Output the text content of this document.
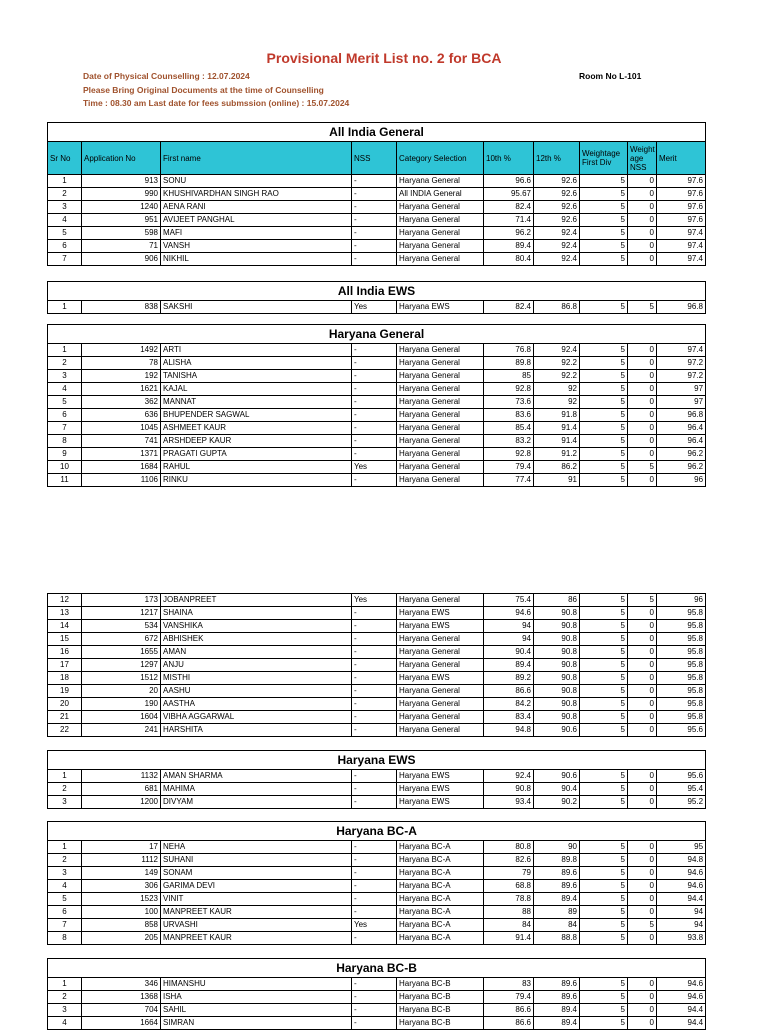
Provisional Merit List no. 2 for BCA
Date of Physical Counselling : 12.07.2024
Please Bring Original Documents at the time of Counselling
Time : 08.30 am Last date for fees submssion (online) : 15.07.2024
Room No L-101
All India General									
Sr No	Application No	First name	NSS	Category Selection	10th %	12th %	Weightage First Div	Weight age NSS	Merit
1	913	SONU	-	Haryana General	96.6	92.6	5	0	97.6
2	990	KHUSHIVARDHAN SINGH RAO	-	All INDIA General	95.67	92.6	5	0	97.6
3	1240	AENA RANI	-	Haryana General	82.4	92.6	5	0	97.6
4	951	AVIJEET PANGHAL	-	Haryana General	71.4	92.6	5	0	97.6
5	598	MAFI	-	Haryana General	96.2	92.4	5	0	97.4
6	71	VANSH	-	Haryana General	89.4	92.4	5	0	97.4
7	906	NIKHIL	-	Haryana General	80.4	92.4	5	0	97.4
All India EWS
1	838	SAKSHI	Yes	Haryana EWS	82.4	86.8	5	5	96.8
Haryana General									
1	1492	ARTI	-	Haryana General	76.8	92.4	5	0	97.4
2	78	ALISHA	-	Haryana General	89.8	92.2	5	0	97.2
3	192	TANISHA	-	Haryana General	85	92.2	5	0	97.2
4	1621	KAJAL	-	Haryana General	92.8	92	5	0	97
5	362	MANNAT	-	Haryana General	73.6	92	5	0	97
6	636	BHUPENDER SAGWAL	-	Haryana General	83.6	91.8	5	0	96.8
7	1045	ASHMEET KAUR	-	Haryana General	85.4	91.4	5	0	96.4
8	741	ARSHDEEP KAUR	-	Haryana General	83.2	91.4	5	0	96.4
9	1371	PRAGATI GUPTA	-	Haryana General	92.8	91.2	5	0	96.2
10	1684	RAHUL	Yes	Haryana General	79.4	86.2	5	5	96.2
11	1106	RINKU	-	Haryana General	77.4	91	5	0	96
12	173	JOBANPREET	Yes	Haryana General	75.4	86	5	5	96
13	1217	SHAINA	-	Haryana EWS	94.6	90.8	5	0	95.8
14	534	VANSHIKA	-	Haryana EWS	94	90.8	5	0	95.8
15	672	ABHISHEK	-	Haryana General	94	90.8	5	0	95.8
16	1655	AMAN	-	Haryana General	90.4	90.8	5	0	95.8
17	1297	ANJU	-	Haryana General	89.4	90.8	5	0	95.8
18	1512	MISTHI	-	Haryana EWS	89.2	90.8	5	0	95.8
19	20	AASHU	-	Haryana General	86.6	90.8	5	0	95.8
20	190	AASTHA	-	Haryana General	84.2	90.8	5	0	95.8
21	1604	VIBHA AGGARWAL	-	Haryana General	83.4	90.8	5	0	95.8
22	241	HARSHITA	-	Haryana General	94.8	90.6	5	0	95.6
Haryana EWS									
1	1132	AMAN SHARMA	-	Haryana EWS	92.4	90.6	5	0	95.6
2	681	MAHIMA	-	Haryana EWS	90.8	90.4	5	0	95.4
3	1200	DIVYAM	-	Haryana EWS	93.4	90.2	5	0	95.2
Haryana BC-A									
1	17	NEHA	-	Haryana BC-A	80.8	90	5	0	95
2	1112	SUHANI	-	Haryana BC-A	82.6	89.8	5	0	94.8
3	149	SONAM	-	Haryana BC-A	79	89.6	5	0	94.6
4	306	GARIMA DEVI	-	Haryana BC-A	68.8	89.6	5	0	94.6
5	1523	VINIT	-	Haryana BC-A	78.8	89.4	5	0	94.4
6	100	MANPREET KAUR	-	Haryana BC-A	88	89	5	0	94
7	858	URVASHI	Yes	Haryana BC-A	84	84	5	5	94
8	205	MANPREET KAUR	-	Haryana BC-A	91.4	88.8	5	0	93.8
Haryana BC-B									
1	346	HIMANSHU	-	Haryana BC-B	83	89.6	5	0	94.6
2	1368	ISHA	-	Haryana BC-B	79.4	89.6	5	0	94.6
3	704	SAHIL	-	Haryana BC-B	86.6	89.4	5	0	94.4
4	1664	SIMRAN	-	Haryana BC-B	86.6	89.4	5	0	94.4
